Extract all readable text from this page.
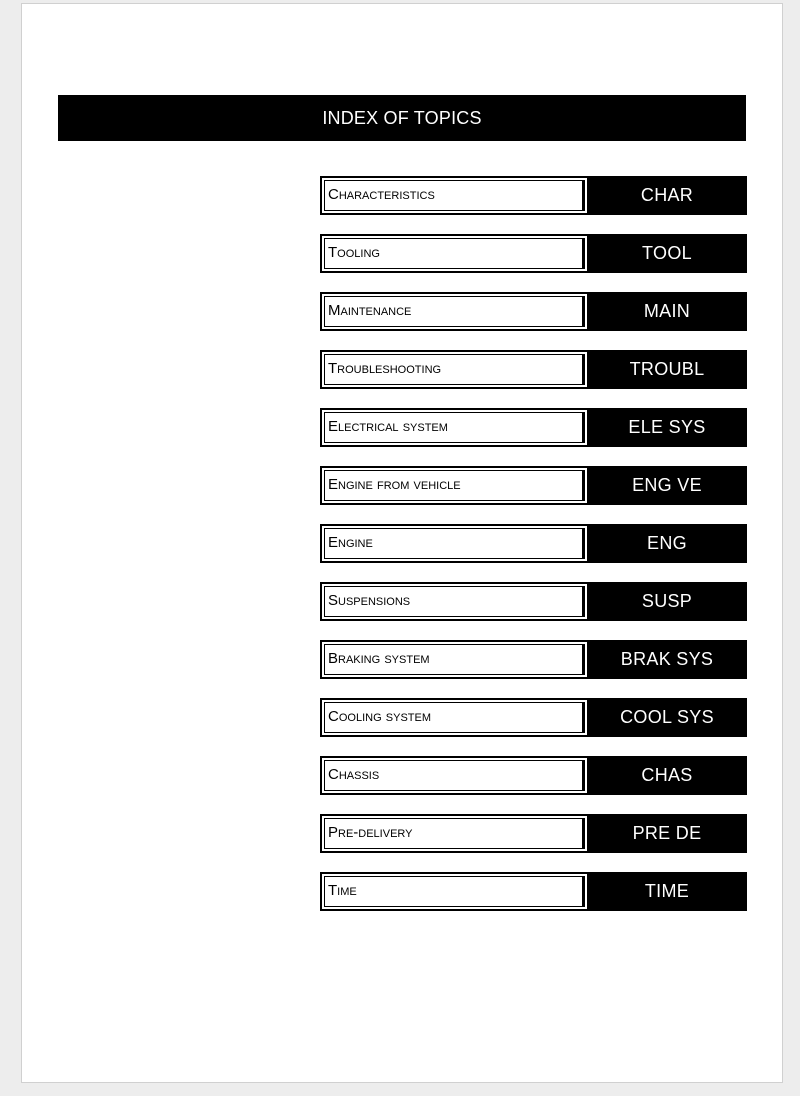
INDEX OF TOPICS
Characteristics	CHAR
Tooling	TOOL
Maintenance	MAIN
Troubleshooting	TROUBL
Electrical system	ELE SYS
Engine from vehicle	ENG VE
Engine	ENG
Suspensions	SUSP
Braking system	BRAK SYS
Cooling system	COOL SYS
Chassis	CHAS
Pre-delivery	PRE DE
Time	TIME
